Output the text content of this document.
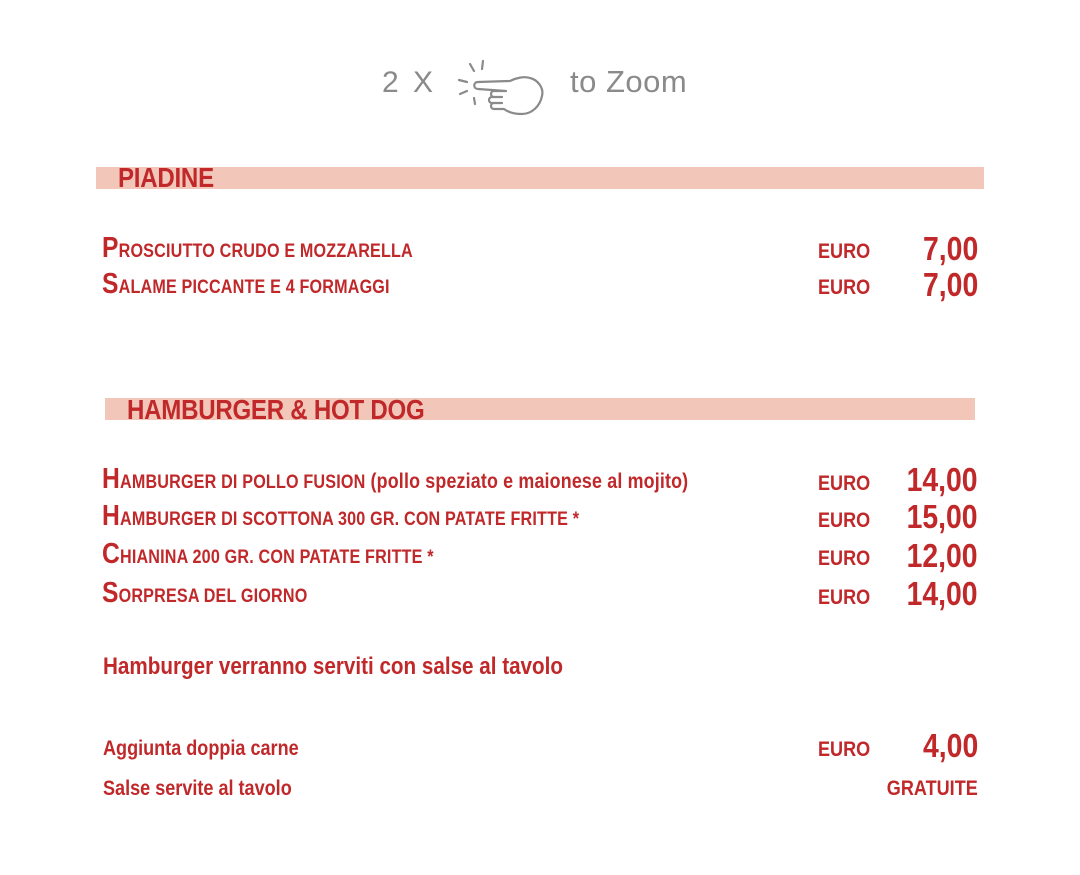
2 X	to Zoom
PIADINE
PROSCIUTTO CRUDO E MOZZARELLA	EURO 7,00
SALAME PICCANTE E 4 FORMAGGI	EURO 7,00
HAMBURGER & HOT DOG
HAMBURGER DI POLLO FUSION (pollo speziato e maionese al mojito)	EURO 14,00
HAMBURGER DI SCOTTONA 300 GR. CON PATATE FRITTE *	EURO 15,00
CHIANINA 200 GR. CON PATATE FRITTE *	EURO 12,00
SORPRESA DEL GIORNO	EURO 14,00
Hamburger verranno serviti con salse al tavolo
Aggiunta doppia carne	EURO 4,00
Salse servite al tavolo	GRATUITE
